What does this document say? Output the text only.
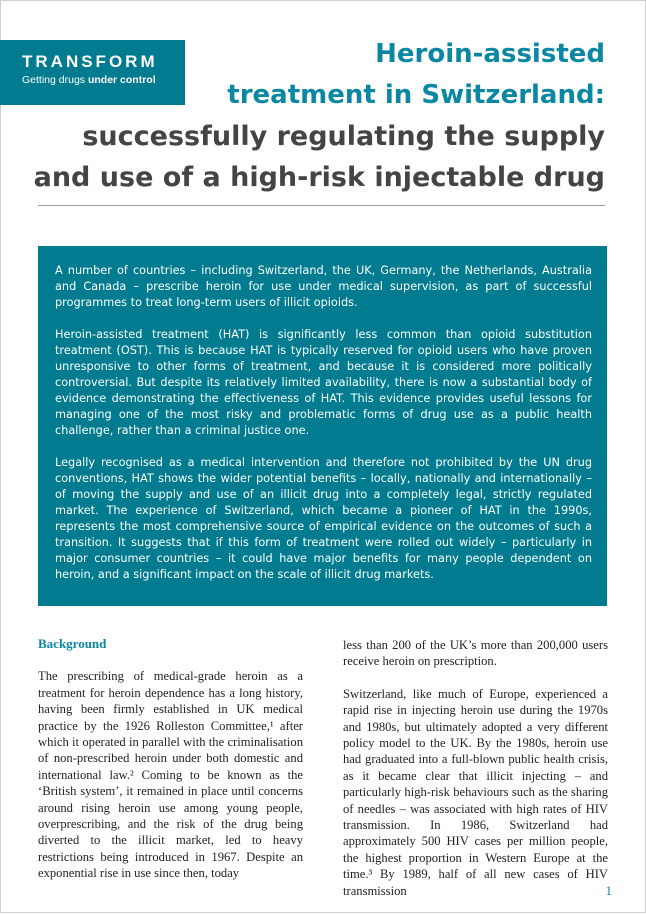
TRANSFORM
Getting drugs under control
Heroin-assisted
treatment in Switzerland:
successfully regulating the supply
and use of a high-risk injectable drug

A number of countries – including Switzerland, the UK, Germany, the Netherlands, Australia and Canada – prescribe heroin for use under medical supervision, as part of successful programmes to treat long-term users of illicit opioids.

Heroin-assisted treatment (HAT) is significantly less common than opioid substitution treatment (OST). This is because HAT is typically reserved for opioid users who have proven unresponsive to other forms of treatment, and because it is considered more politically controversial. But despite its relatively limited availability, there is now a substantial body of evidence demonstrating the effectiveness of HAT. This evidence provides useful lessons for managing one of the most risky and problematic forms of drug use as a public health challenge, rather than a criminal justice one.

Legally recognised as a medical intervention and therefore not prohibited by the UN drug conventions, HAT shows the wider potential benefits – locally, nationally and internationally – of moving the supply and use of an illicit drug into a completely legal, strictly regulated market. The experience of Switzerland, which became a pioneer of HAT in the 1990s, represents the most comprehensive source of empirical evidence on the outcomes of such a transition. It suggests that if this form of treatment were rolled out widely – particularly in major consumer countries – it could have major benefits for many people dependent on heroin, and a significant impact on the scale of illicit drug markets.

Background

The prescribing of medical-grade heroin as a treatment for heroin dependence has a long history, having been firmly established in UK medical practice by the 1926 Rolleston Committee,¹ after which it operated in parallel with the criminalisation of non-prescribed heroin under both domestic and international law.² Coming to be known as the ‘British system’, it remained in place until concerns around rising heroin use among young people, overprescribing, and the risk of the drug being diverted to the illicit market, led to heavy restrictions being introduced in 1967. Despite an exponential rise in use since then, today

less than 200 of the UK’s more than 200,000 users receive heroin on prescription.

Switzerland, like much of Europe, experienced a rapid rise in injecting heroin use during the 1970s and 1980s, but ultimately adopted a very different policy model to the UK. By the 1980s, heroin use had graduated into a full-blown public health crisis, as it became clear that illicit injecting – and particularly high-risk behaviours such as the sharing of needles – was associated with high rates of HIV transmission. In 1986, Switzerland had approximately 500 HIV cases per million people, the highest proportion in Western Europe at the time.³ By 1989, half of all new cases of HIV transmission	1
